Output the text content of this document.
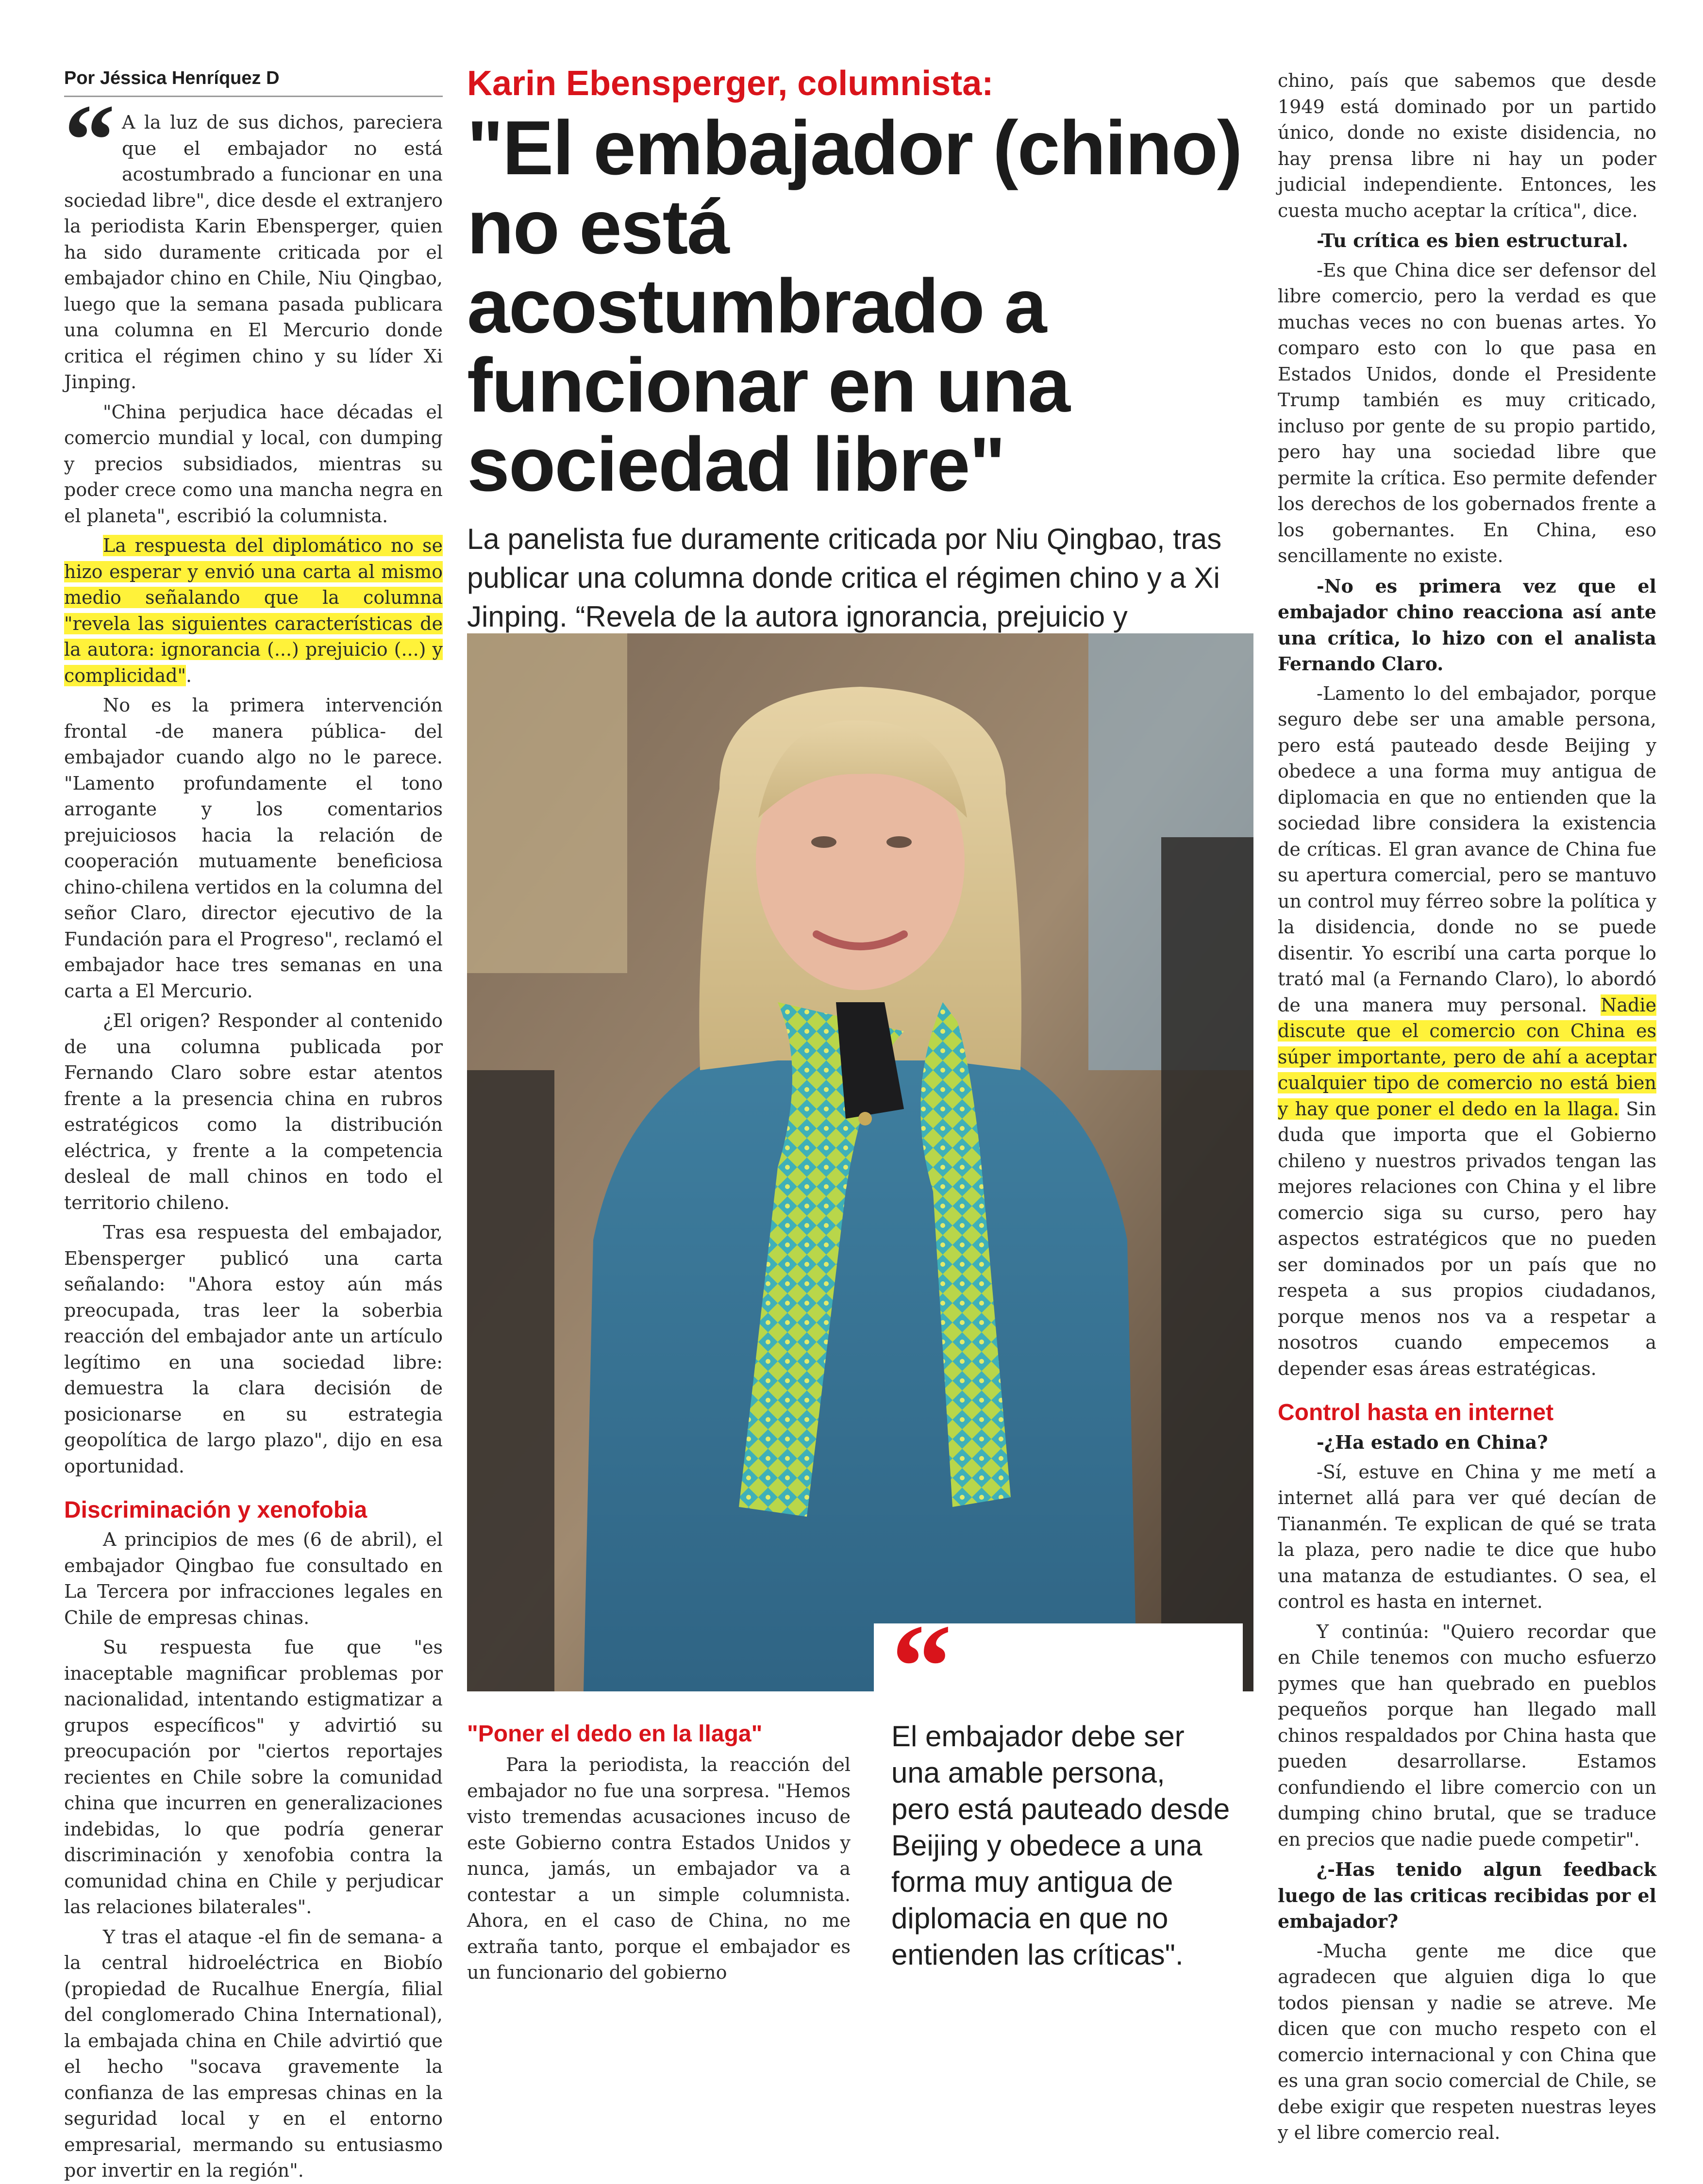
Por Jéssica Henríquez D

“ A la luz de sus dichos, pareciera que el embajador no está acostumbrado a funcionar en una sociedad libre", dice desde el extranjero la periodista Karin Ebensperger, quien ha sido duramente criticada por el embajador chino en Chile, Niu Qingbao, luego que la semana pasada publicara una columna en El Mercurio donde critica el régimen chino y su líder Xi Jinping.

"China perjudica hace décadas el comercio mundial y local, con dumping y precios subsidiados, mientras su poder crece como una mancha negra en el planeta", escribió la columnista.

La respuesta del diplomático no se hizo esperar y envió una carta al mismo medio señalando que la columna "revela las siguientes características de la autora: ignorancia (...) prejuicio (...) y complicidad".

No es la primera intervención frontal -de manera pública- del embajador cuando algo no le parece. "Lamento profundamente el tono arrogante y los comentarios prejuiciosos hacia la relación de cooperación mutuamente beneficiosa chino-chilena vertidos en la columna del señor Claro, director ejecutivo de la Fundación para el Progreso", reclamó el embajador hace tres semanas en una carta a El Mercurio.

¿El origen? Responder al contenido de una columna publicada por Fernando Claro sobre estar atentos frente a la presencia china en rubros estratégicos como la distribución eléctrica, y frente a la competencia desleal de mall chinos en todo el territorio chileno.

Tras esa respuesta del embajador, Ebensperger publicó una carta señalando: "Ahora estoy aún más preocupada, tras leer la soberbia reacción del embajador ante un artículo legítimo en una sociedad libre: demuestra la clara decisión de posicionarse en su estrategia geopolítica de largo plazo", dijo en esa oportunidad.

Discriminación y xenofobia

A principios de mes (6 de abril), el embajador Qingbao fue consultado en La Tercera por infracciones legales en Chile de empresas chinas.

Su respuesta fue que "es inaceptable magnificar problemas por nacionalidad, intentando estigmatizar a grupos específicos" y advirtió su preocupación por "ciertos reportajes recientes en Chile sobre la comunidad china que incurren en generalizaciones indebidas, lo que podría generar discriminación y xenofobia contra la comunidad china en Chile y perjudicar las relaciones bilaterales".

Y tras el ataque -el fin de semana- a la central hidroeléctrica en Biobío (propiedad de Rucalhue Energía, filial del conglomerado China International), la embajada china en Chile advirtió que el hecho "socava gravemente la confianza de las empresas chinas en la seguridad local y en el entorno empresarial, mermando su entusiasmo por invertir en la región".

Karin Ebensperger, columnista:
"El embajador (chino) no está acostumbrado a funcionar en una sociedad libre"
La panelista fue duramente criticada por Niu Qingbao, tras publicar una columna donde critica el régimen chino y a Xi Jinping. “Revela de la autora ignorancia, prejuicio y
“
El embajador debe ser una amable persona, pero está pauteado desde Beijing y obedece a una forma muy antigua de diplomacia en que no entienden las críticas".
"Poner el dedo en la llaga"

Para la periodista, la reacción del embajador no fue una sorpresa. "Hemos visto tremendas acusaciones incuso de este Gobierno contra Estados Unidos y nunca, jamás, un embajador va a contestar a un simple columnista. Ahora, en el caso de China, no me extraña tanto, porque el embajador es un funcionario del gobierno

chino, país que sabemos que desde 1949 está dominado por un partido único, donde no existe disidencia, no hay prensa libre ni hay un poder judicial independiente. Entonces, les cuesta mucho aceptar la crítica", dice.

-Tu crítica es bien estructural.

-Es que China dice ser defensor del libre comercio, pero la verdad es que muchas veces no con buenas artes. Yo comparo esto con lo que pasa en Estados Unidos, donde el Presidente Trump también es muy criticado, incluso por gente de su propio partido, pero hay una sociedad libre que permite la crítica. Eso permite defender los derechos de los gobernados frente a los gobernantes. En China, eso sencillamente no existe.

-No es primera vez que el embajador chino reacciona así ante una crítica, lo hizo con el analista Fernando Claro.

-Lamento lo del embajador, porque seguro debe ser una amable persona, pero está pauteado desde Beijing y obedece a una forma muy antigua de diplomacia en que no entienden que la sociedad libre considera la existencia de críticas. El gran avance de China fue su apertura comercial, pero se mantuvo un control muy férreo sobre la política y la disidencia, donde no se puede disentir. Yo escribí una carta porque lo trató mal (a Fernando Claro), lo abordó de una manera muy personal. Nadie discute que el comercio con China es súper importante, pero de ahí a aceptar cualquier tipo de comercio no está bien y hay que poner el dedo en la llaga. Sin duda que importa que el Gobierno chileno y nuestros privados tengan las mejores relaciones con China y el libre comercio siga su curso, pero hay aspectos estratégicos que no pueden ser dominados por un país que no respeta a sus propios ciudadanos, porque menos nos va a respetar a nosotros cuando empecemos a depender esas áreas estratégicas.

Control hasta en internet

-¿Ha estado en China?

-Sí, estuve en China y me metí a internet allá para ver qué decían de Tiananmén. Te explican de qué se trata la plaza, pero nadie te dice que hubo una matanza de estudiantes. O sea, el control es hasta en internet.

Y continúa: "Quiero recordar que en Chile tenemos con mucho esfuerzo pymes que han quebrado en pueblos pequeños porque han llegado mall chinos respaldados por China hasta que pueden desarrollarse. Estamos confundiendo el libre comercio con un dumping chino brutal, que se traduce en precios que nadie puede competir".

¿-Has tenido algun feedback luego de las criticas recibidas por el embajador?

-Mucha gente me dice que agradecen que alguien diga lo que todos piensan y nadie se atreve. Me dicen que con mucho respeto con el comercio internacional y con China que es una gran socio comercial de Chile, se debe exigir que respeten nuestras leyes y el libre comercio real.
